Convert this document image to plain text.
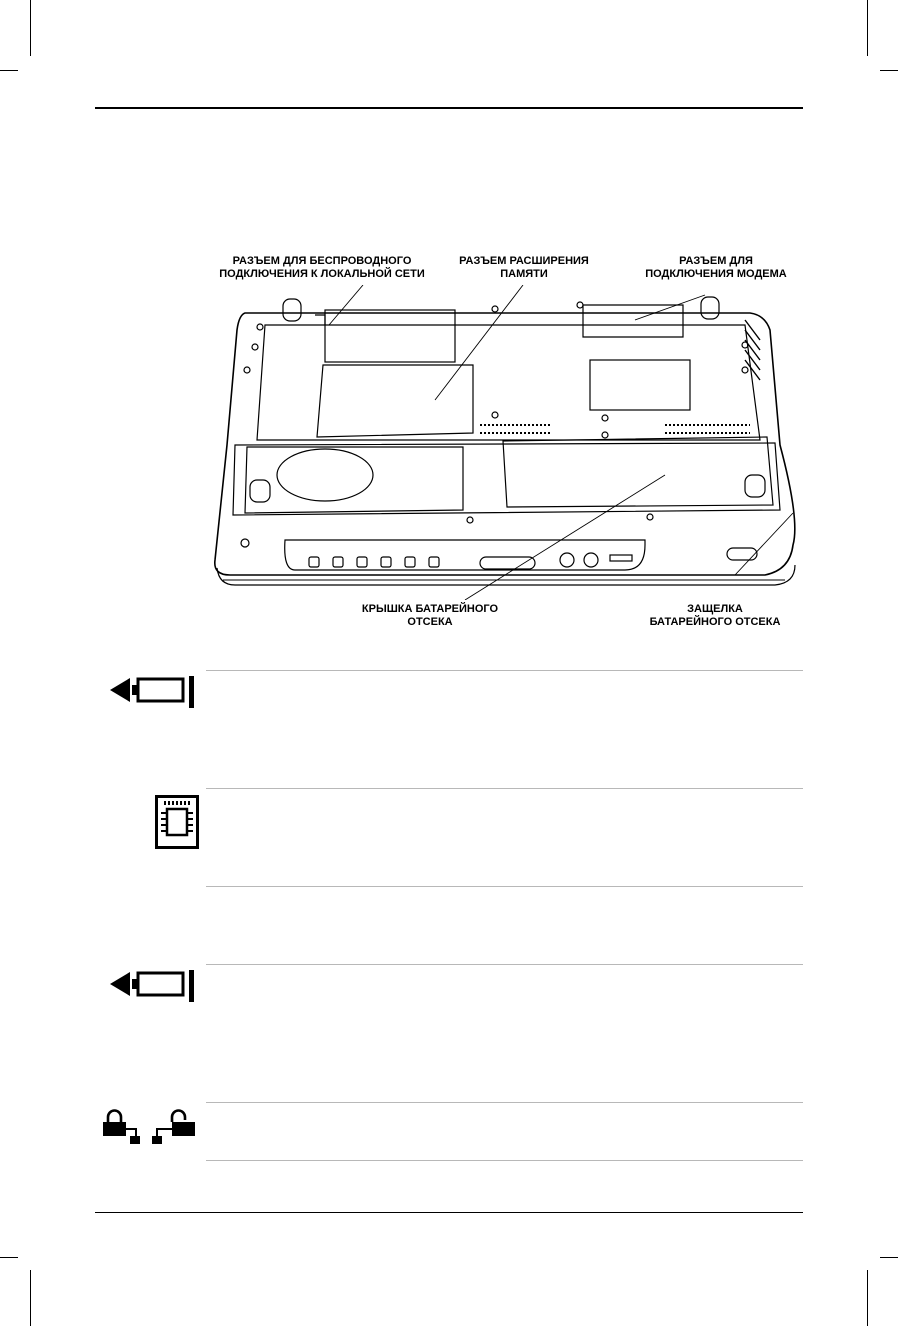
РАЗЪЕМ ДЛЯ БЕСПРОВОДНОГО
ПОДКЛЮЧЕНИЯ К ЛОКАЛЬНОЙ СЕТИ
РАЗЪЕМ РАСШИРЕНИЯ
ПАМЯТИ
РАЗЪЕМ ДЛЯ
ПОДКЛЮЧЕНИЯ МОДЕМА
КРЫШКА БАТАРЕЙНОГО
ОТСЕКА
ЗАЩЕЛКА
БАТАРЕЙНОГО ОТСЕКА
